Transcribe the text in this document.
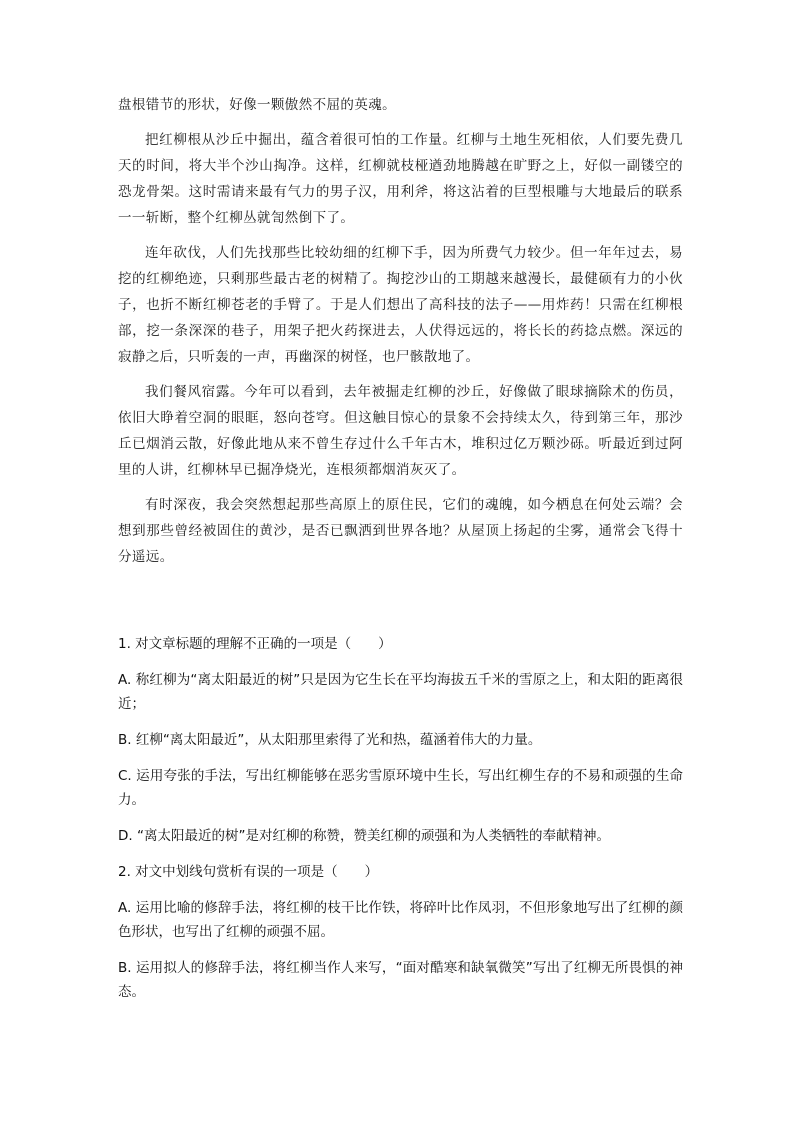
盘根错节的形状，好像一颗傲然不屈的英魂。

把红柳根从沙丘中掘出，蕴含着很可怕的工作量。红柳与土地生死相依，人们要先费几天的时间，将大半个沙山掏净。这样，红柳就枝桠遒劲地腾越在旷野之上，好似一副镂空的恐龙骨架。这时需请来最有气力的男子汉，用利斧，将这沾着的巨型根雕与大地最后的联系一一斩断，整个红柳丛就訇然倒下了。

连年砍伐，人们先找那些比较幼细的红柳下手，因为所费气力较少。但一年年过去，易挖的红柳绝迹，只剩那些最古老的树精了。掏挖沙山的工期越来越漫长，最健硕有力的小伙子，也折不断红柳苍老的手臂了。于是人们想出了高科技的法子——用炸药！只需在红柳根部，挖一条深深的巷子，用架子把火药探进去，人伏得远远的，将长长的药捻点燃。深远的寂静之后，只听轰的一声，再幽深的树怪，也尸骸散地了。

我们餐风宿露。今年可以看到，去年被掘走红柳的沙丘，好像做了眼球摘除术的伤员，依旧大睁着空洞的眼眶，怒向苍穹。但这触目惊心的景象不会持续太久，待到第三年，那沙丘已烟消云散，好像此地从来不曾生存过什么千年古木，堆积过亿万颗沙砾。听最近到过阿里的人讲，红柳林早已掘净烧光，连根须都烟消灰灭了。

有时深夜，我会突然想起那些高原上的原住民，它们的魂魄，如今栖息在何处云端？会想到那些曾经被固住的黄沙，是否已飘洒到世界各地？从屋顶上扬起的尘雾，通常会飞得十分遥远。

1. 对文章标题的理解不正确的一项是（　　）
A. 称红柳为“离太阳最近的树”只是因为它生长在平均海拔五千米的雪原之上，和太阳的距离很近；
B. 红柳“离太阳最近”，从太阳那里索得了光和热，蕴涵着伟大的力量。
C. 运用夸张的手法，写出红柳能够在恶劣雪原环境中生长，写出红柳生存的不易和顽强的生命力。
D. “离太阳最近的树”是对红柳的称赞，赞美红柳的顽强和为人类牺牲的奉献精神。
2. 对文中划线句赏析有误的一项是（　　）
A. 运用比喻的修辞手法，将红柳的枝干比作铁，将碎叶比作凤羽，不但形象地写出了红柳的颜色形状，也写出了红柳的顽强不屈。
B. 运用拟人的修辞手法，将红柳当作人来写，“面对酷寒和缺氧微笑”写出了红柳无所畏惧的神态。
